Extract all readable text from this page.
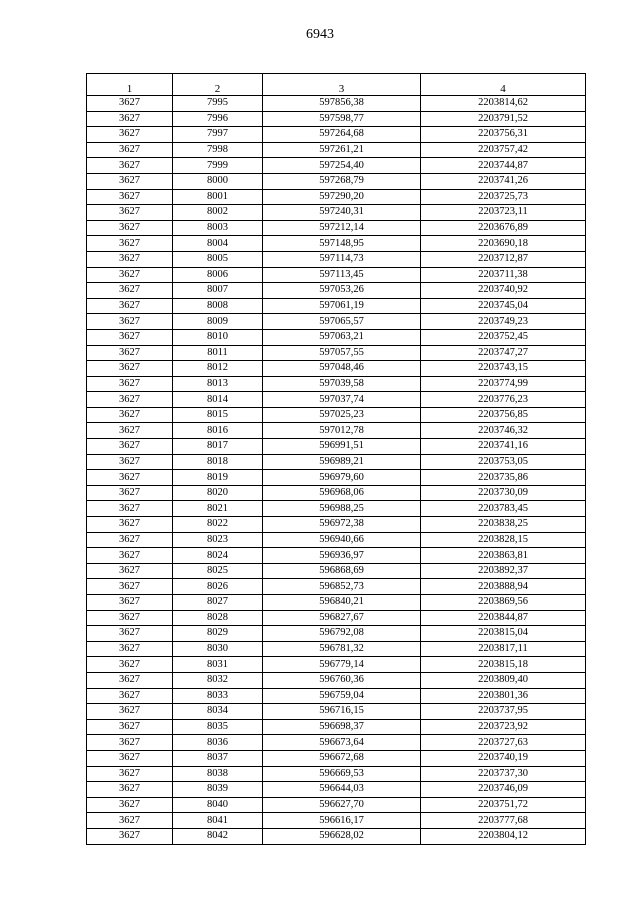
6943
1	2	3	4
3627	7995	597856,38	2203814,62
3627	7996	597598,77	2203791,52
3627	7997	597264,68	2203756,31
3627	7998	597261,21	2203757,42
3627	7999	597254,40	2203744,87
3627	8000	597268,79	2203741,26
3627	8001	597290,20	2203725,73
3627	8002	597240,31	2203723,11
3627	8003	597212,14	2203676,89
3627	8004	597148,95	2203690,18
3627	8005	597114,73	2203712,87
3627	8006	597113,45	2203711,38
3627	8007	597053,26	2203740,92
3627	8008	597061,19	2203745,04
3627	8009	597065,57	2203749,23
3627	8010	597063,21	2203752,45
3627	8011	597057,55	2203747,27
3627	8012	597048,46	2203743,15
3627	8013	597039,58	2203774,99
3627	8014	597037,74	2203776,23
3627	8015	597025,23	2203756,85
3627	8016	597012,78	2203746,32
3627	8017	596991,51	2203741,16
3627	8018	596989,21	2203753,05
3627	8019	596979,60	2203735,86
3627	8020	596968,06	2203730,09
3627	8021	596988,25	2203783,45
3627	8022	596972,38	2203838,25
3627	8023	596940,66	2203828,15
3627	8024	596936,97	2203863,81
3627	8025	596868,69	2203892,37
3627	8026	596852,73	2203888,94
3627	8027	596840,21	2203869,56
3627	8028	596827,67	2203844,87
3627	8029	596792,08	2203815,04
3627	8030	596781,32	2203817,11
3627	8031	596779,14	2203815,18
3627	8032	596760,36	2203809,40
3627	8033	596759,04	2203801,36
3627	8034	596716,15	2203737,95
3627	8035	596698,37	2203723,92
3627	8036	596673,64	2203727,63
3627	8037	596672,68	2203740,19
3627	8038	596669,53	2203737,30
3627	8039	596644,03	2203746,09
3627	8040	596627,70	2203751,72
3627	8041	596616,17	2203777,68
3627	8042	596628,02	2203804,12
